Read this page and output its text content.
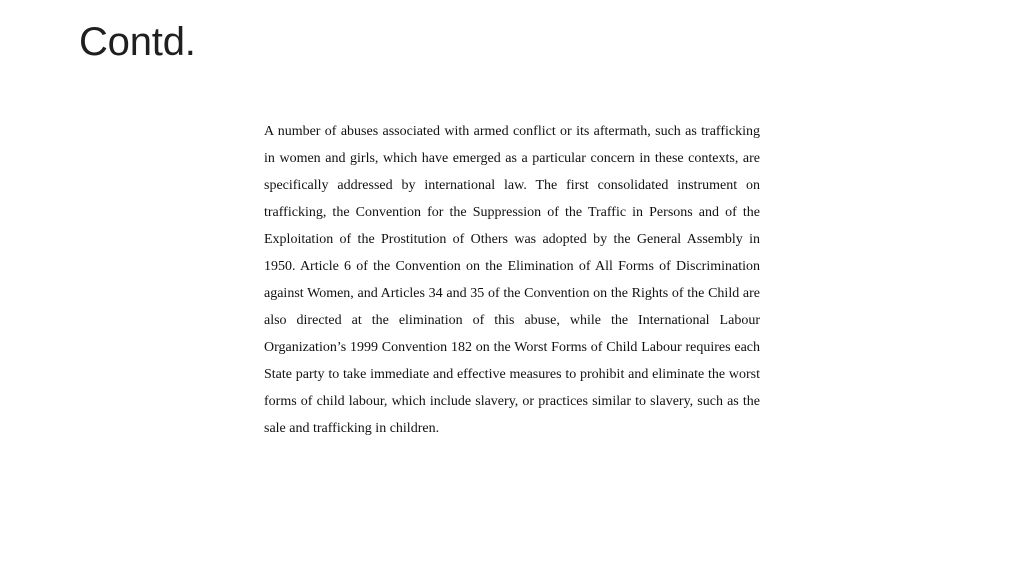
Contd.

A number of abuses associated with armed conflict or its aftermath, such as trafficking in women and girls, which have emerged as a particular concern in these contexts, are specifically addressed by international law. The first consolidated instrument on trafficking, the Convention for the Suppression of the Traffic in Persons and of the Exploitation of the Prostitution of Others was adopted by the General Assembly in 1950. Article 6 of the Convention on the Elimination of All Forms of Discrimination against Women, and Articles 34 and 35 of the Convention on the Rights of the Child are also directed at the elimination of this abuse, while the International Labour Organization’s 1999 Convention 182 on the Worst Forms of Child Labour requires each State party to take immediate and effective measures to prohibit and eliminate the worst forms of child labour, which include slavery, or practices similar to slavery, such as the sale and trafficking in children.
